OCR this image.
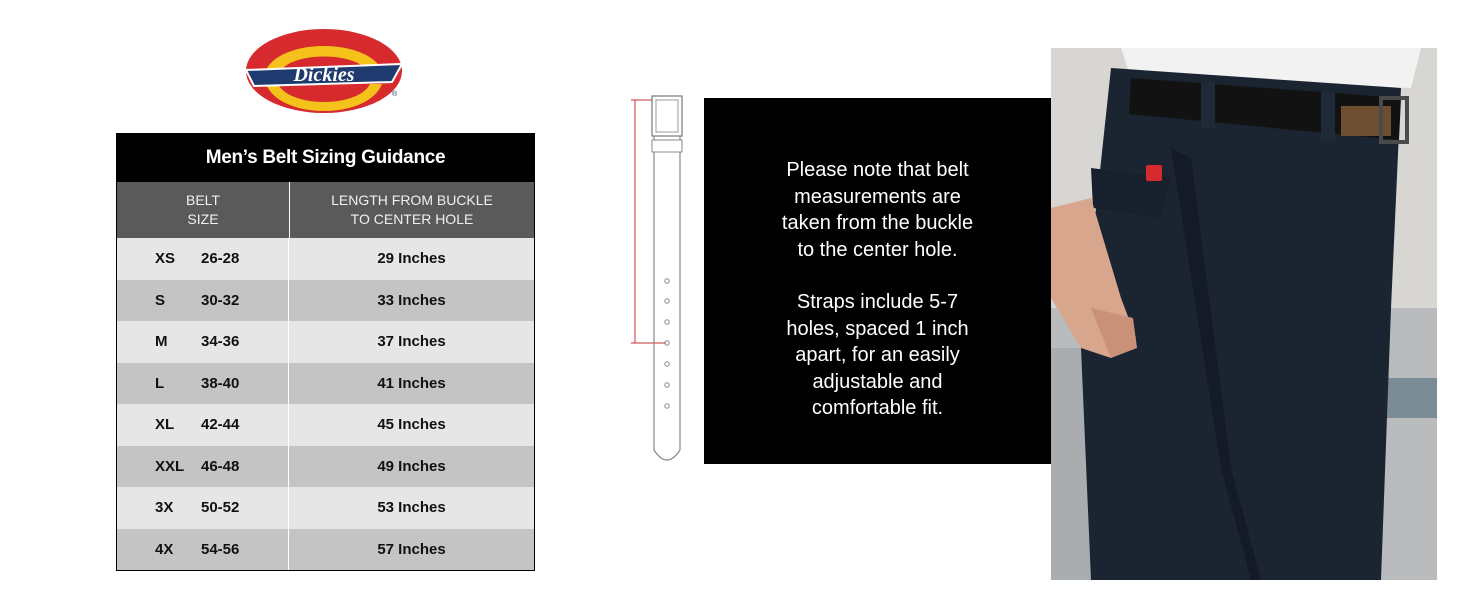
Dickies
®
Men’s Belt Sizing Guidance
BELT
SIZE
LENGTH FROM BUCKLE
TO CENTER HOLE
XS	26-28	29 Inches
S	30-32	33 Inches
M	34-36	37 Inches
L	38-40	41 Inches
XL	42-44	45 Inches
XXL	46-48	49 Inches
3X	50-52	53 Inches
4X	54-56	57 Inches

Please note that belt
measurements are
taken from the buckle
to the center hole.

Straps include 5-7
holes, spaced 1 inch
apart, for an easily
adjustable and
comfortable fit.
